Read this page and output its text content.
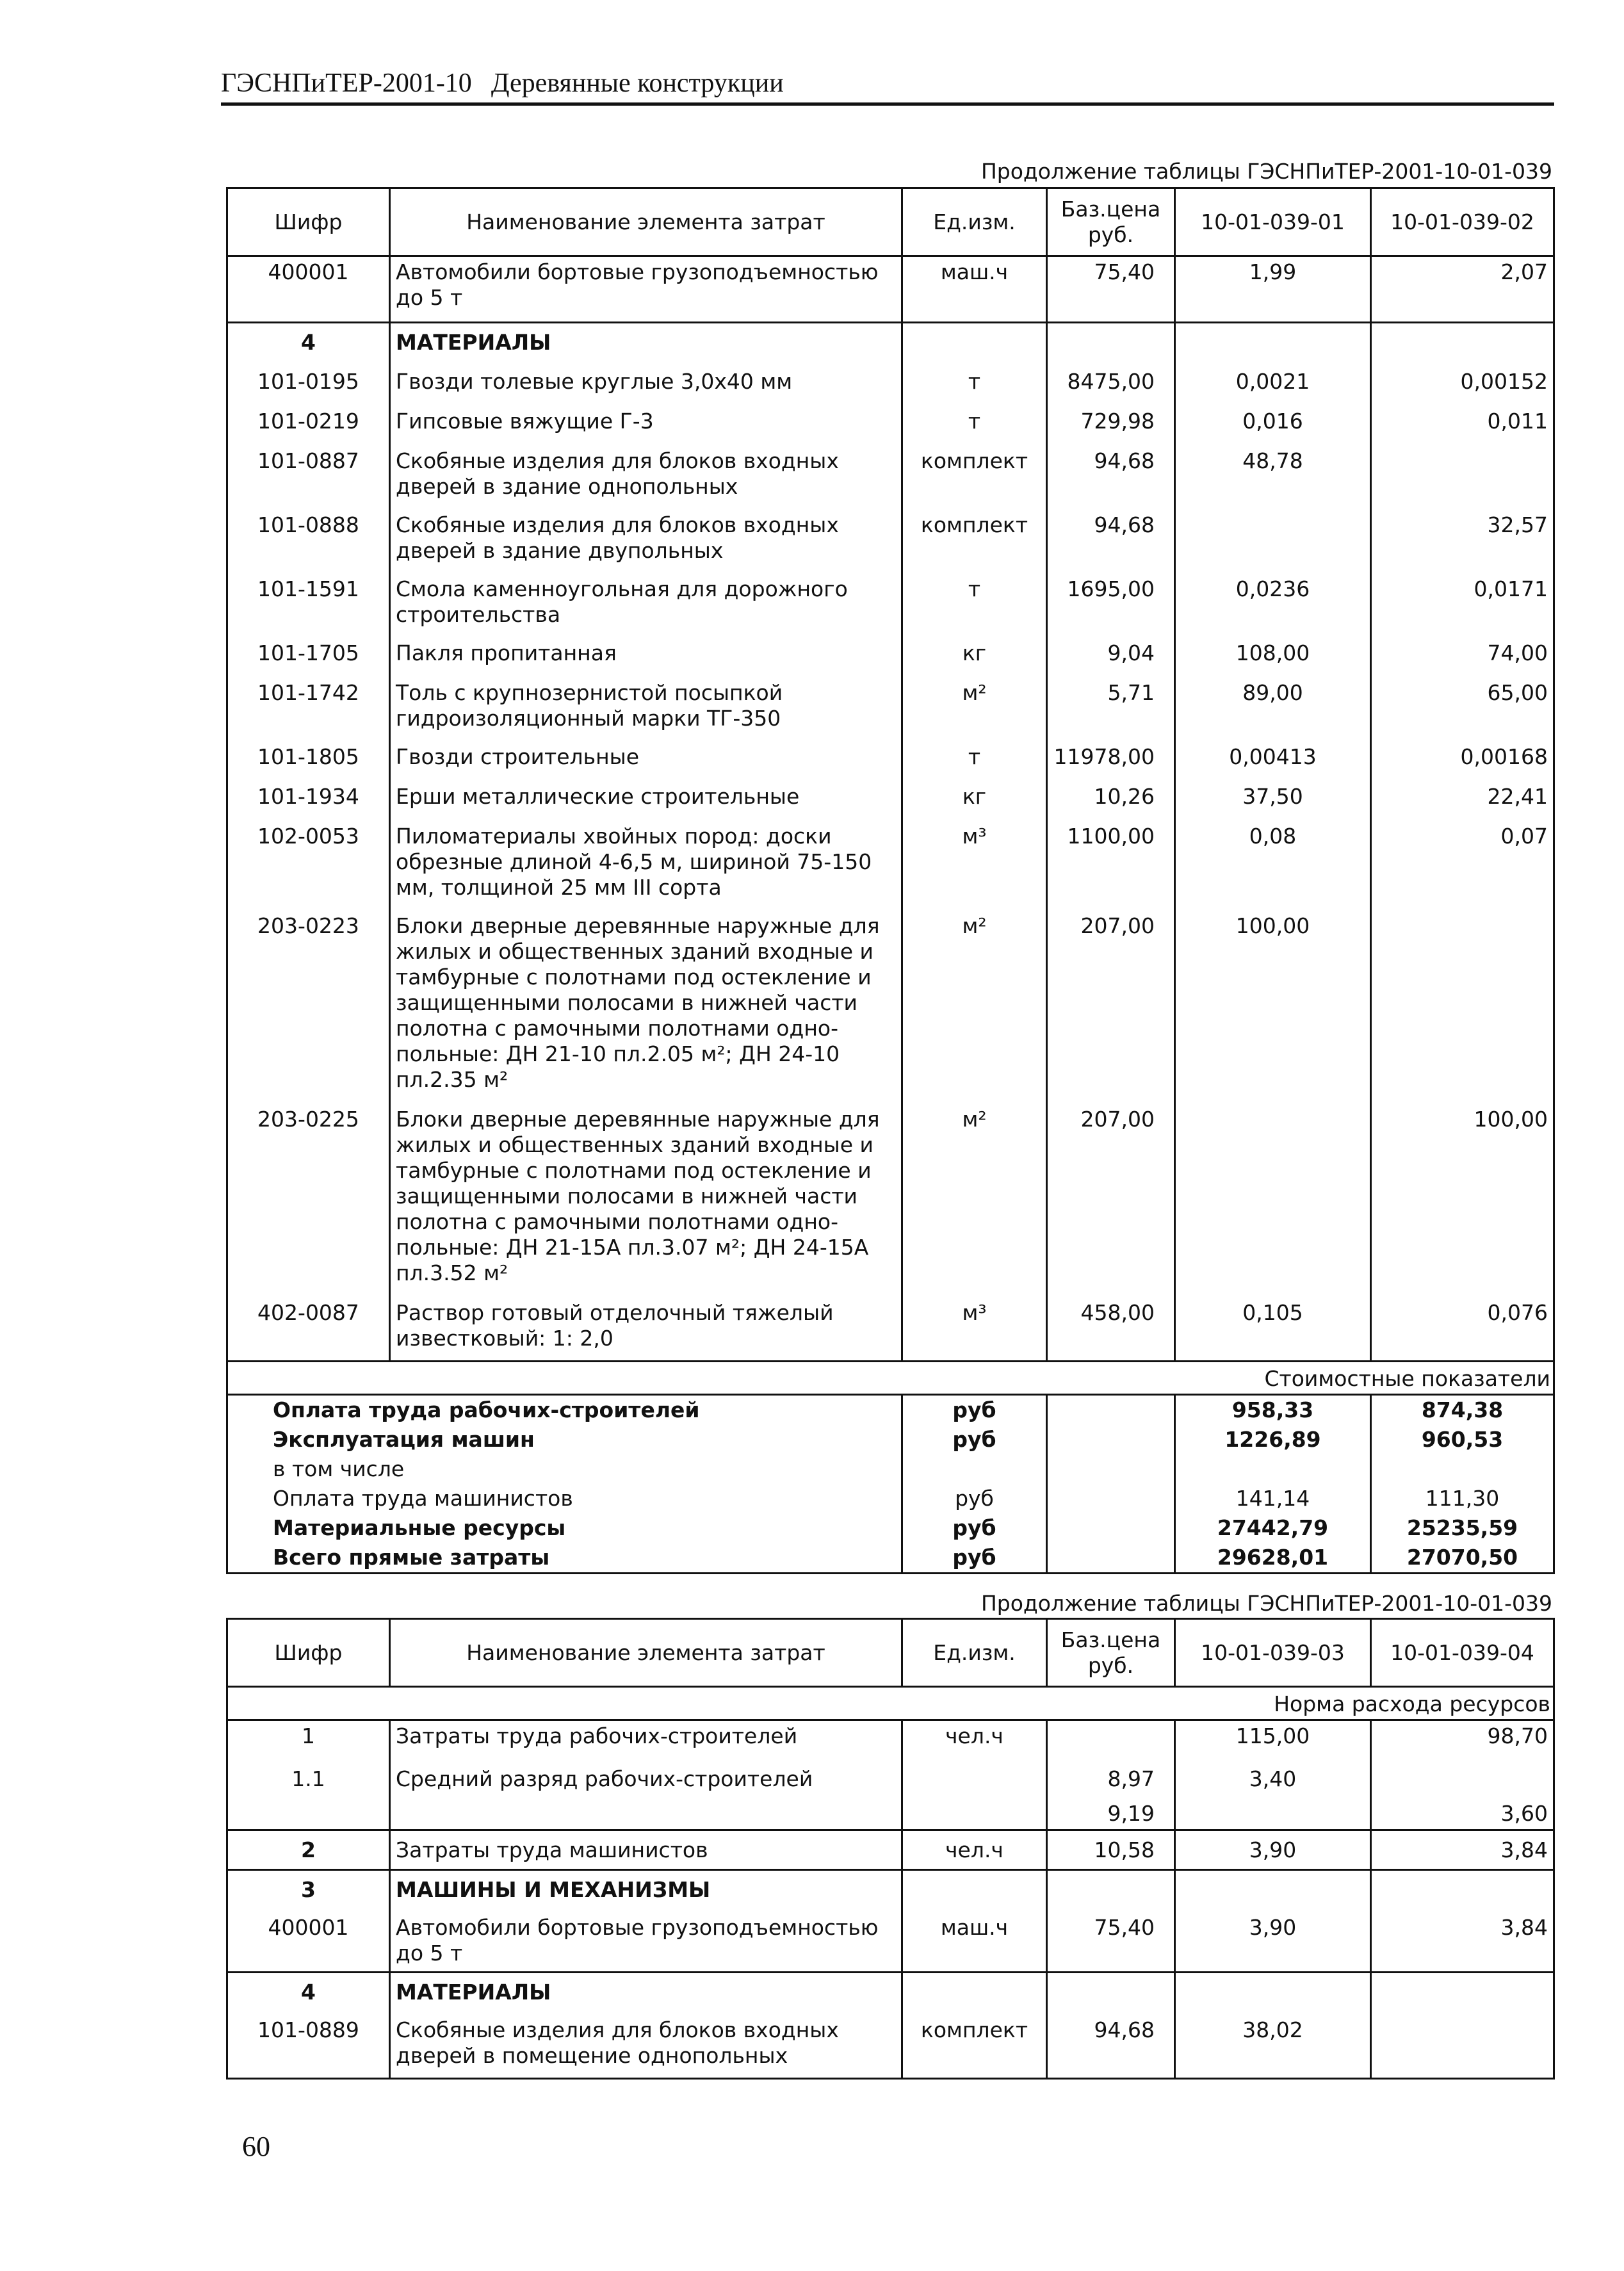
ГЭСНПиТЕР-2001-10 Деревянные конструкции
Продолжение таблицы ГЭСНПиТЕР-2001-10-01-039
Шифр	Наименование элемента затрат	Ед.изм.	Баз.цена руб.	10-01-039-01	10-01-039-02
400001	Автомобили бортовые грузоподъемностью до 5 т	маш.ч	75,40	1,99	2,07
4	МАТЕРИАЛЫ				
101-0195	Гвозди толевые круглые 3,0х40 мм	т	8475,00	0,0021	0,00152
101-0219	Гипсовые вяжущие Г-3	т	729,98	0,016	0,011
101-0887	Скобяные изделия для блоков входных дверей в здание однопольных	комплект	94,68	48,78	
101-0888	Скобяные изделия для блоков входных дверей в здание двупольных	комплект	94,68		32,57
101-1591	Смола каменноугольная для дорожного строительства	т	1695,00	0,0236	0,0171
101-1705	Пакля пропитанная	кг	9,04	108,00	74,00
101-1742	Толь с крупнозернистой посыпкой гидроизоляционный марки ТГ-350	м²	5,71	89,00	65,00
101-1805	Гвозди строительные	т	11978,00	0,00413	0,00168
101-1934	Ерши металлические строительные	кг	10,26	37,50	22,41
102-0053	Пиломатериалы хвойных пород: доски обрезные длиной 4-6,5 м, шириной 75-150 мм, толщиной 25 мм III сорта	м³	1100,00	0,08	0,07
203-0223	Блоки дверные деревянные наружные для жилых и общественных зданий входные и тамбурные с полотнами под остекление и защищенными полосами в нижней части полотна с рамочными полотнами одно-польные: ДН 21-10 пл.2.05 м²; ДН 24-10 пл.2.35 м²	м²	207,00	100,00	
203-0225	Блоки дверные деревянные наружные для жилых и общественных зданий входные и тамбурные с полотнами под остекление и защищенными полосами в нижней части полотна с рамочными полотнами одно-польные: ДН 21-15А пл.3.07 м²; ДН 24-15А пл.3.52 м²	м²	207,00		100,00
402-0087	Раствор готовый отделочный тяжелый известковый: 1: 2,0	м³	458,00	0,105	0,076
Стоимостные показатели					
Оплата труда рабочих-строителей		руб		958,33	874,38
Эксплуатация машин		руб		1226,89	960,53
в том числе					
Оплата труда машинистов		руб		141,14	111,30
Материальные ресурсы		руб		27442,79	25235,59
Всего прямые затраты		руб		29628,01	27070,50
Продолжение таблицы ГЭСНПиТЕР-2001-10-01-039
Шифр	Наименование элемента затрат	Ед.изм.	Баз.цена руб.	10-01-039-03	10-01-039-04
Норма расхода ресурсов					
1	Затраты труда рабочих-строителей	чел.ч		115,00	98,70
1.1	Средний разряд рабочих-строителей		8,97	3,40	
			9,19		3,60
2	Затраты труда машинистов	чел.ч	10,58	3,90	3,84
3	МАШИНЫ И МЕХАНИЗМЫ				
400001	Автомобили бортовые грузоподъемностью до 5 т	маш.ч	75,40	3,90	3,84
4	МАТЕРИАЛЫ				
101-0889	Скобяные изделия для блоков входных дверей в помещение однопольных	комплект	94,68	38,02	
60
